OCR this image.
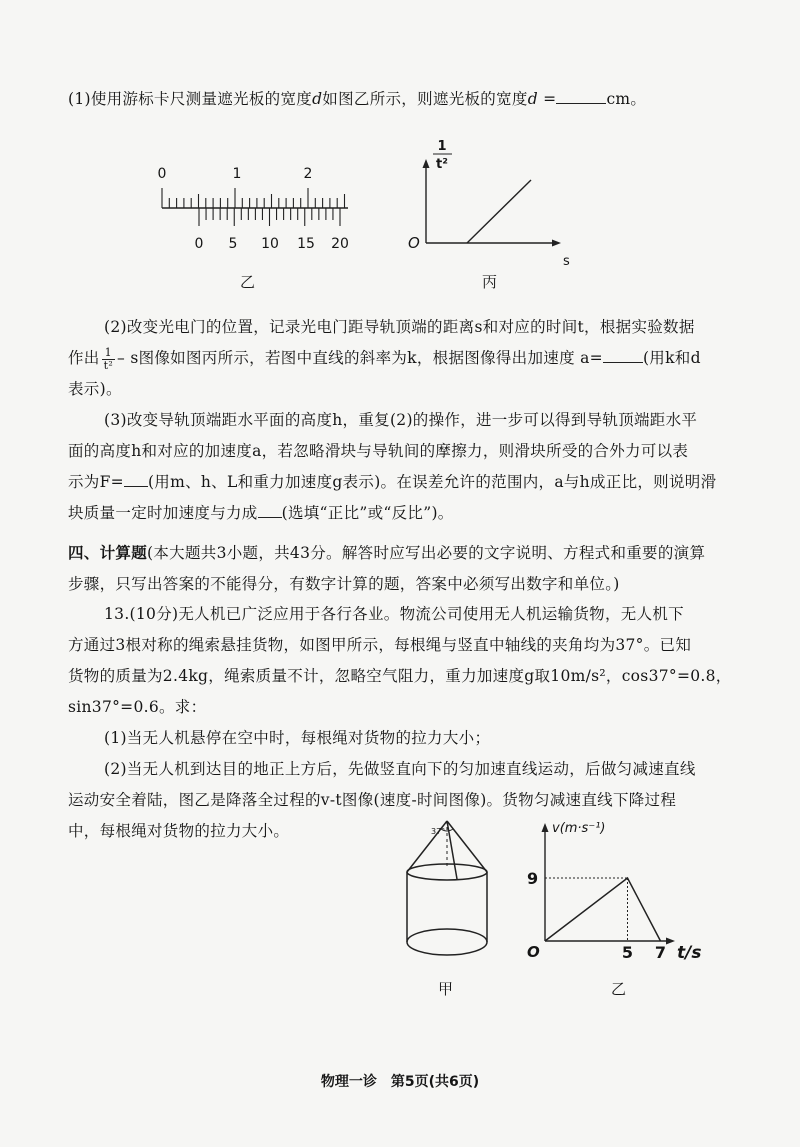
(1)使用游标卡尺测量遮光板的宽度d如图乙所示，则遮光板的宽度d =	cm。
0	1	2
0 5 10 15 20
乙
1
t²
O
s
丙
(2)改变光电门的位置，记录光电门距导轨顶端的距离s和对应的时间t，根据实验数据
作出 $\frac{1}{\text{t²}}$ – s图像如图丙所示，若图中直线的斜率为k，根据图像得出加速度 a=	(用k和d
表示)。
(3)改变导轨顶端距水平面的高度h，重复(2)的操作，进一步可以得到导轨顶端距水平
面的高度h和对应的加速度a，若忽略滑块与导轨间的摩擦力，则滑块所受的合外力可以表
示为F= (用m、h、L和重力加速度g表示)。在误差允许的范围内，a与h成正比，则说明滑
块质量一定时加速度与力成 (选填“正比”或“反比”)。
四、计算题(本大题共3小题，共43分。解答时应写出必要的文字说明、方程式和重要的演算
步骤，只写出答案的不能得分，有数字计算的题，答案中必须写出数字和单位。)
13.(10分)无人机已广泛应用于各行各业。物流公司使用无人机运输货物，无人机下
方通过3根对称的绳索悬挂货物，如图甲所示，每根绳与竖直中轴线的夹角均为37°。已知
货物的质量为2.4kg，绳索质量不计，忽略空气阻力，重力加速度g取10m/s²，cos37°=0.8，
sin37°=0.6。求：
(1)当无人机悬停在空中时，每根绳对货物的拉力大小；
(2)当无人机到达目的地正上方后，先做竖直向下的匀加速直线运动，后做匀减速直线
运动安全着陆，图乙是降落全过程的v-t图像(速度-时间图像)。货物匀减速直线下降过程
中，每根绳对货物的拉力大小。	37°
甲
9
5 7
v(m·s⁻¹)
O	t/s
乙
物理一诊　第5页(共6页)
